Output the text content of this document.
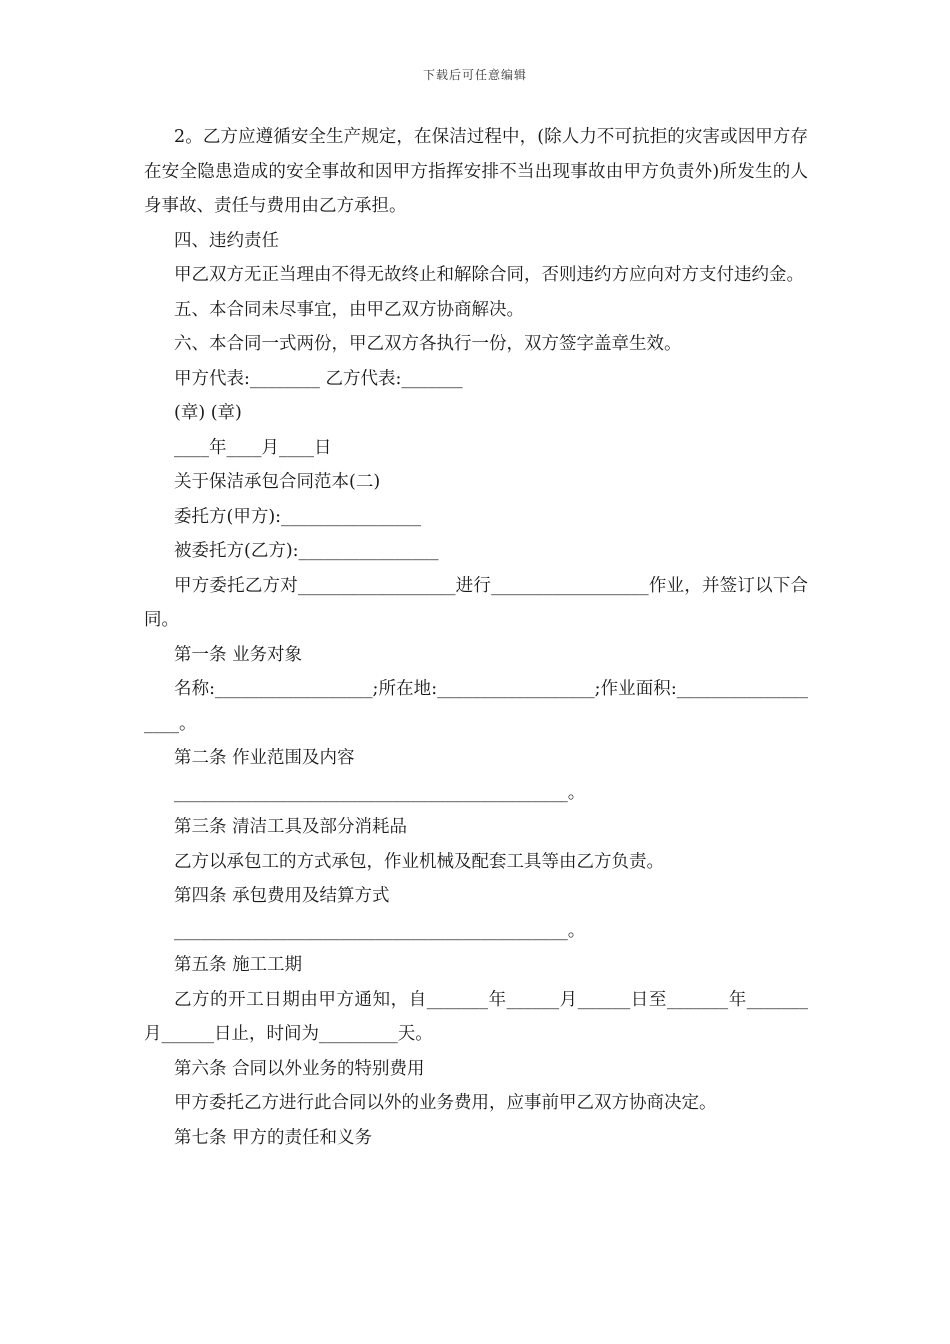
下载后可任意编辑

2。乙方应遵循安全生产规定，在保洁过程中，(除人力不可抗拒的灾害或因甲方存在安全隐患造成的安全事故和因甲方指挥安排不当出现事故由甲方负责外)所发生的人身事故、责任与费用由乙方承担。

四、违约责任

甲乙双方无正当理由不得无故终止和解除合同，否则违约方应向对方支付违约金。

五、本合同未尽事宜，由甲乙双方协商解决。

六、本合同一式两份，甲乙双方各执行一份，双方签字盖章生效。

甲方代表:________ 乙方代表:_______

(章) (章)

____年____月____日

关于保洁承包合同范本(二)

委托方(甲方):________________

被委托方(乙方):________________

甲方委托乙方对__________________进行__________________作业，并签订以下合同。

第一条 业务对象

名称:__________________;所在地:__________________;作业面积:___________________。

第二条 作业范围及内容

_____________________________________________。

第三条 清洁工具及部分消耗品

乙方以承包工的方式承包，作业机械及配套工具等由乙方负责。

第四条 承包费用及结算方式

_____________________________________________。

第五条 施工工期

乙方的开工日期由甲方通知，自_______年______月______日至_______年_______月______日止，时间为_________天。

第六条 合同以外业务的特别费用

甲方委托乙方进行此合同以外的业务费用，应事前甲乙双方协商决定。

第七条 甲方的责任和义务
